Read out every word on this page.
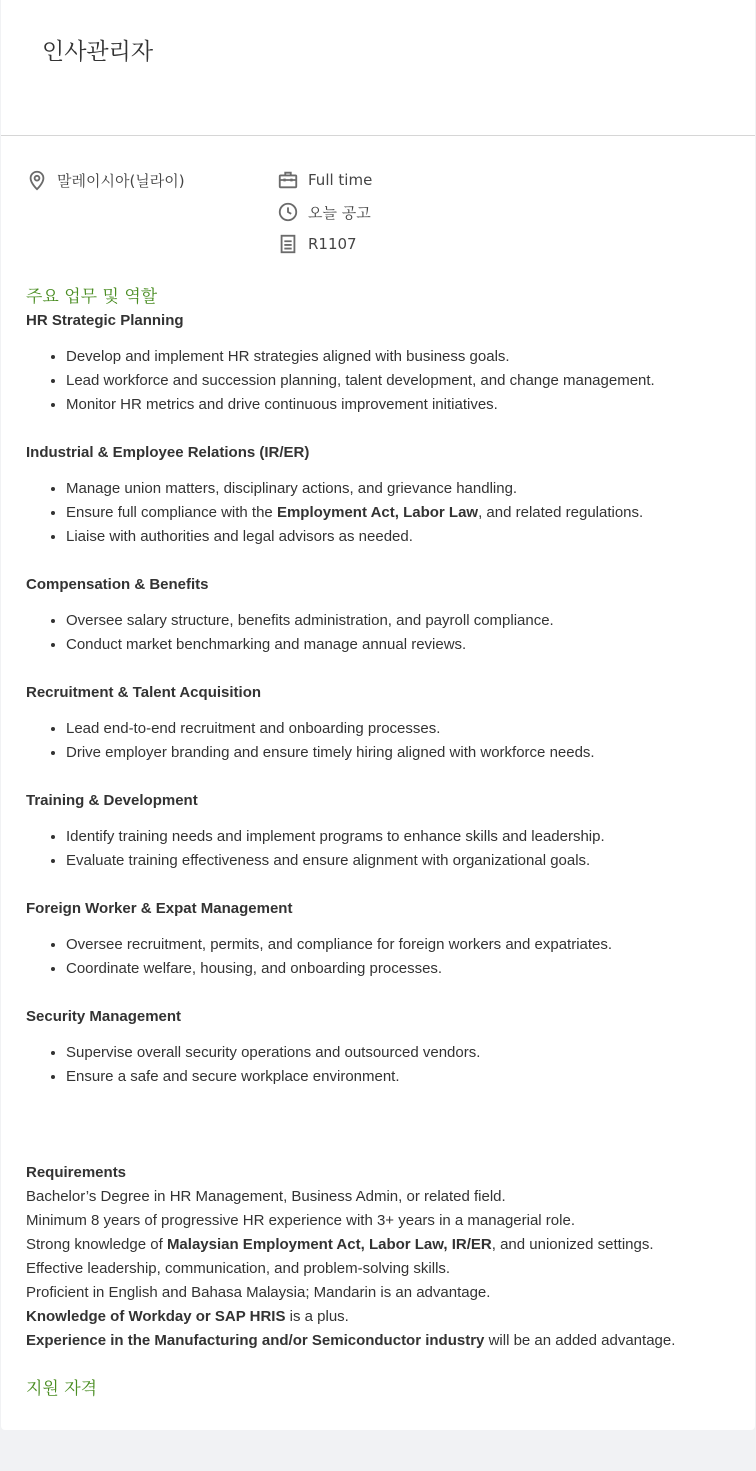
인사관리자
말레이시아(닐라이)	Full time
오늘 공고
R1107
주요 업무 및 역할
HR Strategic Planning
• Develop and implement HR strategies aligned with business goals.
• Lead workforce and succession planning, talent development, and change management.
• Monitor HR metrics and drive continuous improvement initiatives.
Industrial & Employee Relations (IR/ER)
• Manage union matters, disciplinary actions, and grievance handling.
• Ensure full compliance with the Employment Act, Labor Law, and related regulations.
• Liaise with authorities and legal advisors as needed.
Compensation & Benefits
• Oversee salary structure, benefits administration, and payroll compliance.
• Conduct market benchmarking and manage annual reviews.
Recruitment & Talent Acquisition
• Lead end-to-end recruitment and onboarding processes.
• Drive employer branding and ensure timely hiring aligned with workforce needs.
Training & Development
• Identify training needs and implement programs to enhance skills and leadership.
• Evaluate training effectiveness and ensure alignment with organizational goals.
Foreign Worker & Expat Management
• Oversee recruitment, permits, and compliance for foreign workers and expatriates.
• Coordinate welfare, housing, and onboarding processes.
Security Management
• Supervise overall security operations and outsourced vendors.
• Ensure a safe and secure workplace environment.
Requirements
Bachelor’s Degree in HR Management, Business Admin, or related field.
Minimum 8 years of progressive HR experience with 3+ years in a managerial role.
Strong knowledge of Malaysian Employment Act, Labor Law, IR/ER, and unionized settings.
Effective leadership, communication, and problem-solving skills.
Proficient in English and Bahasa Malaysia; Mandarin is an advantage.
Knowledge of Workday or SAP HRIS is a plus.
Experience in the Manufacturing and/or Semiconductor industry will be an added advantage.
지원 자격
